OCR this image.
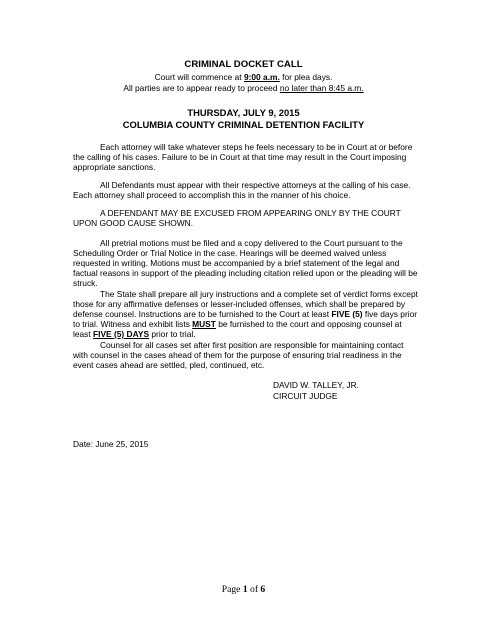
CRIMINAL DOCKET CALL
Court will commence at 9:00 a.m. for plea days.
All parties are to appear ready to proceed no later than 8:45 a.m.
THURSDAY, JULY 9, 2015
COLUMBIA COUNTY CRIMINAL DETENTION FACILITY
Each attorney will take whatever steps he feels necessary to be in Court at or before the calling of his cases. Failure to be in Court at that time may result in the Court imposing appropriate sanctions.
All Defendants must appear with their respective attorneys at the calling of his case. Each attorney shall proceed to accomplish this in the manner of his choice.
A DEFENDANT MAY BE EXCUSED FROM APPEARING ONLY BY THE COURT UPON GOOD CAUSE SHOWN.
All pretrial motions must be filed and a copy delivered to the Court pursuant to the Scheduling Order or Trial Notice in the case. Hearings will be deemed waived unless requested in writing. Motions must be accompanied by a brief statement of the legal and factual reasons in support of the pleading including citation relied upon or the pleading will be struck.
The State shall prepare all jury instructions and a complete set of verdict forms except those for any affirmative defenses or lesser-included offenses, which shall be prepared by defense counsel. Instructions are to be furnished to the Court at least FIVE (5) five days prior to trial. Witness and exhibit lists MUST be furnished to the court and opposing counsel at least FIVE (5) DAYS prior to trial.
Counsel for all cases set after first position are responsible for maintaining contact with counsel in the cases ahead of them for the purpose of ensuring trial readiness in the event cases ahead are settled, pled, continued, etc.
DAVID W. TALLEY, JR.
CIRCUIT JUDGE
Date: June 25, 2015
Page 1 of 6
